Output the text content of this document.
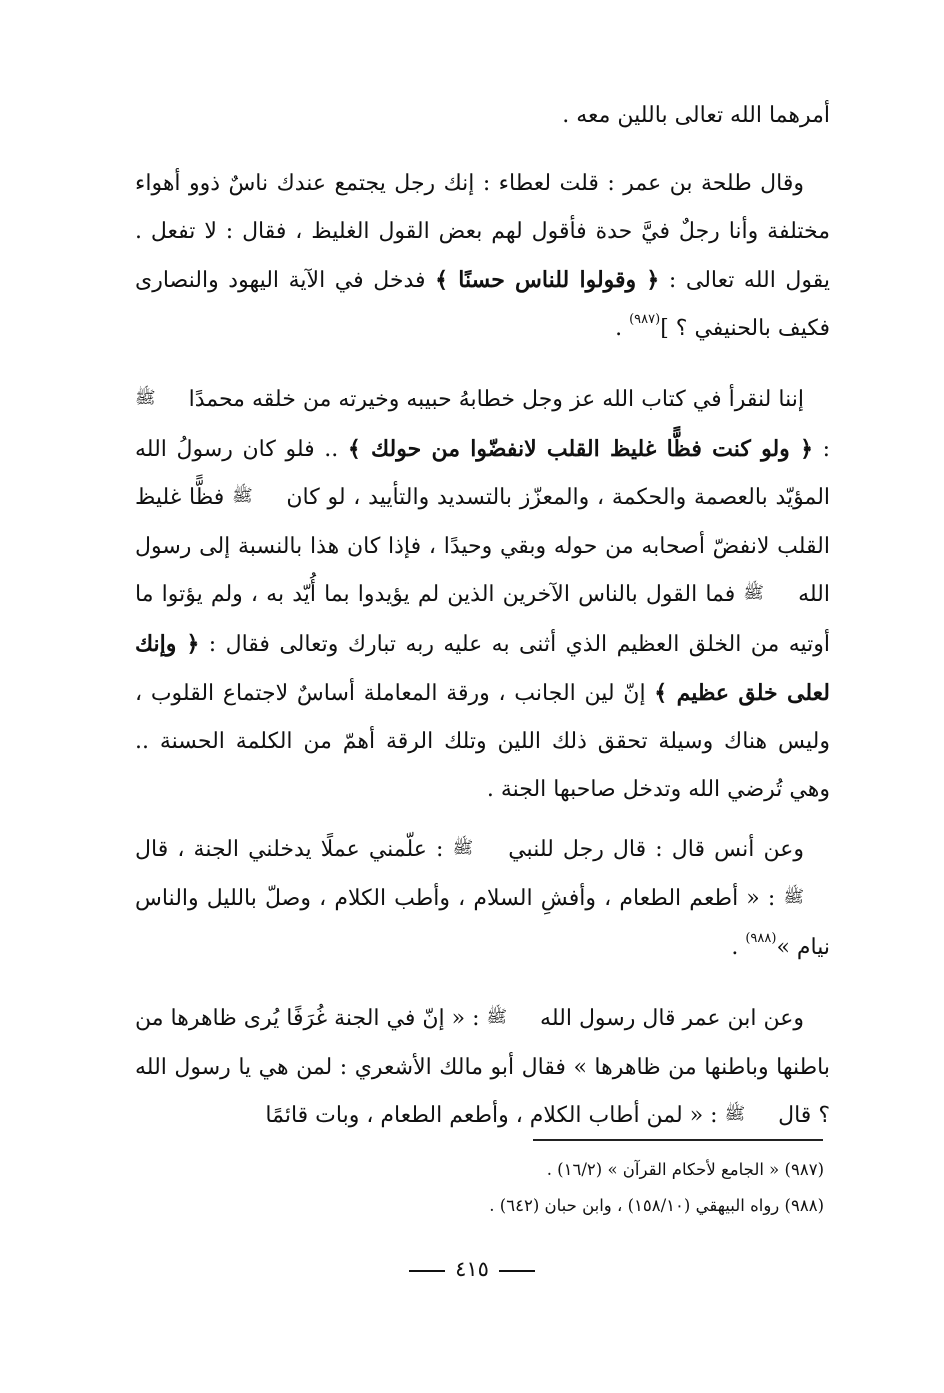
أمرهما الله تعالى باللين معه .

وقال طلحة بن عمر : قلت لعطاء : إنك رجل يجتمع عندك ناسٌ ذوو أهواء مختلفة وأنا رجلٌ فيَّ حدة فأقول لهم بعض القول الغليظ ، فقال : لا تفعل . يقول الله تعالى : ﴿ وقولوا للناس حسنًا ﴾ فدخل في الآية اليهود والنصارى فكيف بالحنيفي ؟ ]$^{(٩٨٧)}$ .

إننا لنقرأ في كتاب الله عز وجل خطابهُ حبيبه وخيرته من خلقه محمدًا ﷺ : ﴿ ولو كنت فظًّا غليظ القلب لانفضّوا من حولك ﴾ .. فلو كان رسولُ الله المؤيّد بالعصمة والحكمة ، والمعزّز بالتسديد والتأييد ، لو كان ﷺ فظًّا غليظ القلب لانفضّ أصحابه من حوله وبقي وحيدًا ، فإذا كان هذا بالنسبة إلى رسول الله ﷺ فما القول بالناس الآخرين الذين لم يؤيدوا بما أُيّد به ، ولم يؤتوا ما أوتيه من الخلق العظيم الذي أثنى به عليه ربه تبارك وتعالى فقال : ﴿ وإنك لعلى خلق عظيم ﴾ إنّ لين الجانب ، ورقة المعاملة أساسٌ لاجتماع القلوب ، وليس هناك وسيلة تحقق ذلك اللين وتلك الرقة أهمّ من الكلمة الحسنة .. وهي تُرضي الله وتدخل صاحبها الجنة .

وعن أنس قال : قال رجل للنبي ﷺ : علّمني عملًا يدخلني الجنة ، قال ﷺ : « أطعم الطعام ، وأفشِ السلام ، وأطب الكلام ، وصلّ بالليل والناس نيام »$^{(٩٨٨)}$ .

وعن ابن عمر قال رسول الله ﷺ : « إنّ في الجنة غُرَفًا يُرى ظاهرها من باطنها وباطنها من ظاهرها » فقال أبو مالك الأشعري : لمن هي يا رسول الله ؟ قال ﷺ : « لمن أطاب الكلام ، وأطعم الطعام ، وبات قائمًا

(٩٨٧) « الجامع لأحكام القرآن » (١٦/٢) .

(٩٨٨) رواه البيهقي (١٥٨/١٠) ، وابن حبان (٦٤٢) .

٤١٥
